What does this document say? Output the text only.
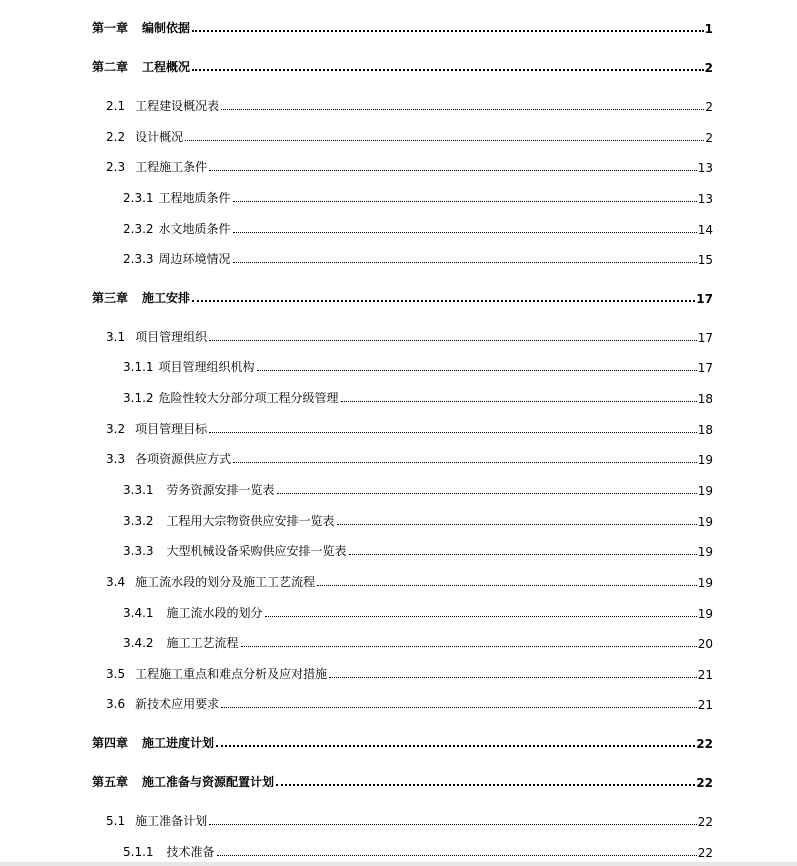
第一章 编制依据	1
第二章 工程概况	2
2.1 工程建设概况表	2
2.2 设计概况	2
2.3 工程施工条件	13
2.3.1 工程地质条件	13
2.3.2 水文地质条件	14
2.3.3 周边环境情况	15
第三章 施工安排	17
3.1 项目管理组织	17
3.1.1 项目管理组织机构	17
3.1.2 危险性较大分部分项工程分级管理	18
3.2 项目管理目标	18
3.3 各项资源供应方式	19
3.3.1 劳务资源安排一览表	19
3.3.2 工程用大宗物资供应安排一览表	19
3.3.3 大型机械设备采购供应安排一览表	19
3.4 施工流水段的划分及施工工艺流程	19
3.4.1 施工流水段的划分	19
3.4.2 施工工艺流程	20
3.5 工程施工重点和难点分析及应对措施	21
3.6 新技术应用要求	21
第四章 施工进度计划	22
第五章 施工准备与资源配置计划	22
5.1 施工准备计划	22
5.1.1 技术准备	22
